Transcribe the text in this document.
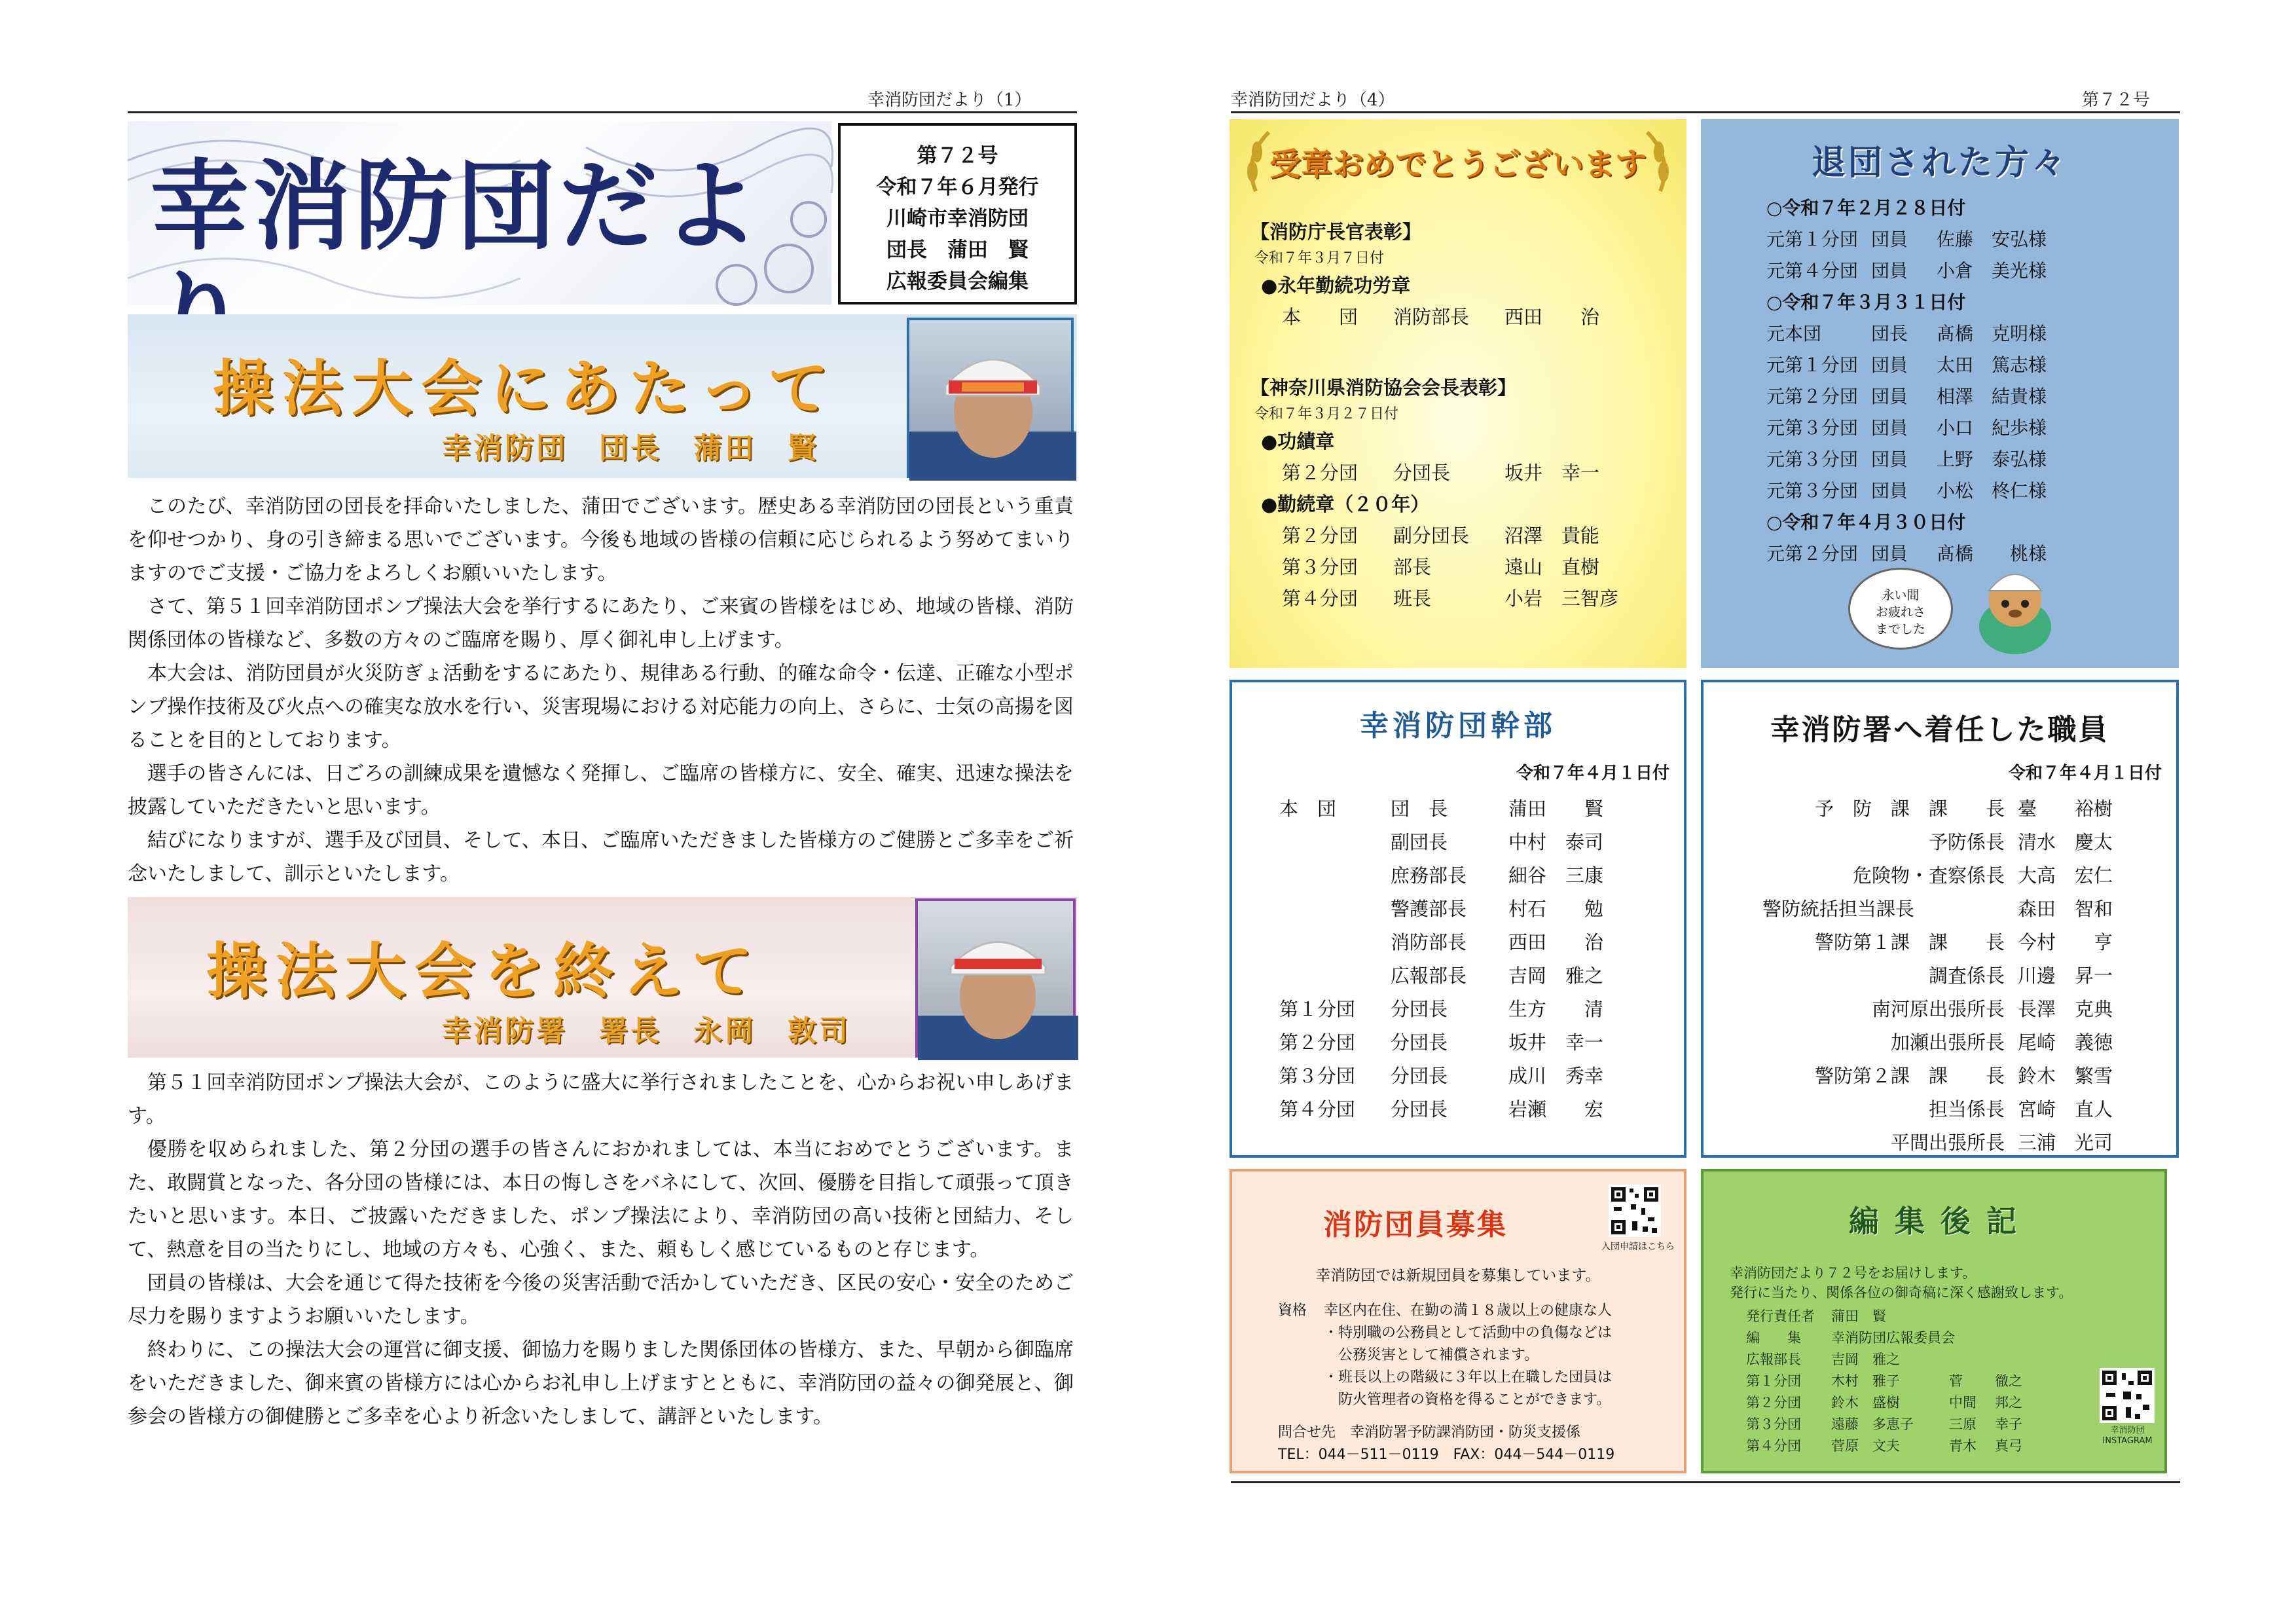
幸消防団だより（1）
幸消防団だよ	第７２号
令和７年６月発行
川崎市幸消防団
団長　蒲田　賢
広報委員会編集
操法大会にあたって
幸消防団　団長　蒲田　賢

このたび、幸消防団の団長を拝命いたしました、蒲田でございます。歴史ある幸消防団の団長という重責を仰せつかり、身の引き締まる思いでございます。今後も地域の皆様の信頼に応じられるよう努めてまいりますのでご支援・ご協力をよろしくお願いいたします。

さて、第５１回幸消防団ポンプ操法大会を挙行するにあたり、ご来賓の皆様をはじめ、地域の皆様、消防関係団体の皆様など、多数の方々のご臨席を賜り、厚く御礼申し上げます。

本大会は、消防団員が火災防ぎょ活動をするにあたり、規律ある行動、的確な命令・伝達、正確な小型ポンプ操作技術及び火点への確実な放水を行い、災害現場における対応能力の向上、さらに、士気の高揚を図ることを目的としております。

選手の皆さんには、日ごろの訓練成果を遺憾なく発揮し、ご臨席の皆様方に、安全、確実、迅速な操法を披露していただきたいと思います。

結びになりますが、選手及び団員、そして、本日、ご臨席いただきました皆様方のご健勝とご多幸をご祈念いたしまして、訓示といたします。

操法大会を終えて
幸消防署　署長　永岡　敦司

第５１回幸消防団ポンプ操法大会が、このように盛大に挙行されましたことを、心からお祝い申しあげます。

優勝を収められました、第２分団の選手の皆さんにおかれましては、本当におめでとうございます。また、敢闘賞となった、各分団の皆様には、本日の悔しさをバネにして、次回、優勝を目指して頑張って頂きたいと思います。本日、ご披露いただきました、ポンプ操法により、幸消防団の高い技術と団結力、そして、熱意を目の当たりにし、地域の方々も、心強く、また、頼もしく感じているものと存じます。

団員の皆様は、大会を通じて得た技術を今後の災害活動で活かしていただき、区民の安心・安全のためご尽力を賜りますようお願いいたします。

終わりに、この操法大会の運営に御支援、御協力を賜りました関係団体の皆様方、また、早朝から御臨席をいただきました、御来賓の皆様方には心からお礼申し上げますとともに、幸消防団の益々の御発展と、御参会の皆様方の御健勝とご多幸を心より祈念いたしまして、講評といたします。

幸消防団だより（4）	第７２号
受章おめでとうございます
【消防庁長官表彰】
令和７年３月７日付
●永年勤続功労章
本　　団	消防部長	西田　　治
【神奈川県消防協会会長表彰】
令和７年３月２７日付
●功績章
第２分団	分団長	坂井　幸一
●勤続章（２０年）
第２分団	副分団長	沼澤　貴能
第３分団	部長	遠山　直樹
第４分団	班長	小岩　三智彦
退団された方々
○令和７年２月２８日付
元第１分団 団員	佐藤　安弘様
元第４分団 団員	小倉　美光様
○令和７年３月３１日付
元本団	団長	髙橋　克明様
元第１分団 団員	太田　篤志様
元第２分団 団員	相澤　結貴様
元第３分団 団員	小口　紀歩様
元第３分団 団員	上野　泰弘様
元第３分団 団員	小松　柊仁様
○令和７年４月３０日付
元第２分団 団員	髙橋　　桃様
永い間
お疲れさ
までした
幸消防団幹部
令和７年４月１日付
本　団	団　長	蒲田　　賢
副団長	中村　泰司
庶務部長	細谷　三康
警護部長	村石　　勉
消防部長	西田　　治
広報部長	吉岡　雅之
第１分団	分団長	生方　　清
第２分団	分団長	坂井　幸一
第３分団	分団長	成川　秀幸
第４分団	分団長	岩瀬　　宏
幸消防署へ着任した職員
令和７年４月１日付
予　防　課　課　　長 臺　　裕樹
予防係長 清水　慶太
危険物・査察係長 大高　宏仁
警防統括担当課長	森田　智和
警防第１課　課　　長 今村　　亨
調査係長 川邊　昇一
南河原出張所長 長澤　克典
加瀬出張所長 尾崎　義徳
警防第２課　課　　長 鈴木　繁雪
担当係長 宮崎　直人
平間出張所長 三浦　光司
消防団員募集
入団申請はこちら
幸消防団では新規団員を募集しています。
資格	幸区内在住、在勤の満１８歳以上の健康な人
・特別職の公務員として活動中の負傷などは
　公務災害として補償されます。
・班長以上の階級に３年以上在職した団員は
　防火管理者の資格を得ることができます。
問合せ先　幸消防署予防課消防団・防災支援係
TEL：044－511－0119　FAX：044－544－0119
編 集 後 記
幸消防団だより７２号をお届けします。
発行に当たり、関係各位の御奇稿に深く感謝致します。
発行責任者	蒲田　賢
編　　集	幸消防団広報委員会
広報部長	吉岡　雅之
第１分団	木村　雅子	菅	徹之
第２分団	鈴木　盛樹	中間	邦之
第３分団	遠藤　多恵子	三原	幸子
第４分団	菅原　文夫	青木	真弓
幸消防団
INSTAGRAM
